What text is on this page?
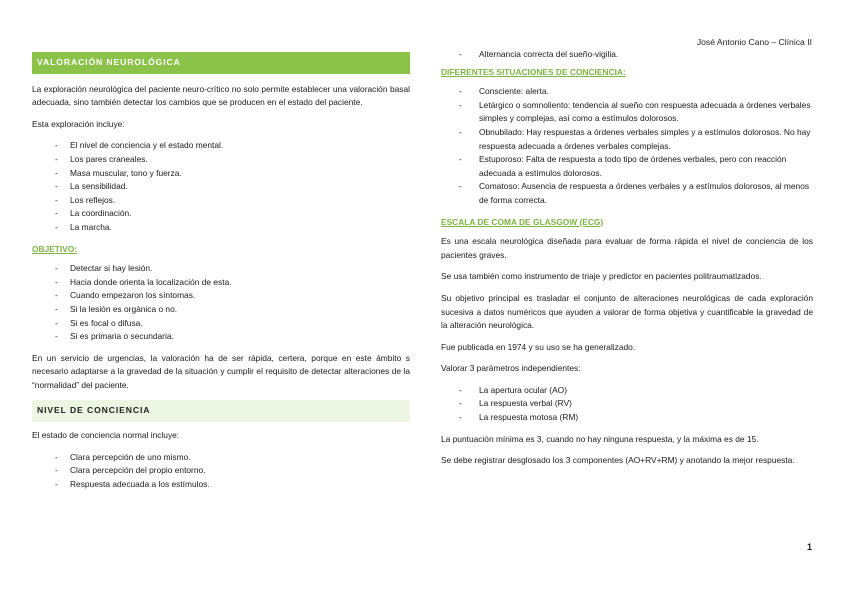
José Antonio Cano – Clínica II
VALORACIÓN NEUROLÓGICA

La exploración neurológica del paciente neuro-crítico no solo permite establecer una valoración basal adecuada, sino también detectar los cambios que se producen en el estado del paciente.

Esta exploración incluye:

- El nivel de conciencia y el estado mental.
- Los pares craneales.
- Masa muscular, tono y fuerza.
- La sensibilidad.
- Los reflejos.
- La coordinación.
- La marcha.
OBJETIVO:
- Detectar si hay lesión.
- Hacia donde orienta la localización de esta.
- Cuando empezaron los síntomas.
- Si la lesión es orgánica o no.
- Si es focal o difusa.
- Si es primaria o secundaria.

En un servicio de urgencias, la valoración ha de ser rápida, certera, porque en este ámbito s necesario adaptarse a la gravedad de la situación y cumplir el requisito de detectar alteraciones de la “normalidad” del paciente.

NIVEL DE CONCIENCIA

El estado de conciencia normal incluye:

- Clara percepción de uno mismo.
- Clara percepción del propio entorno.
- Respuesta adecuada a los estímulos.
- Alternancia correcta del sueño-vigilia.
DIFERENTES SITUACIONES DE CONCIENCIA:
- Consciente: alerta.
- Letárgico o somnoliento: tendencia al sueño con respuesta adecuada a órdenes verbales simples y complejas, así como a estímulos dolorosos.
- Obnubilado: Hay respuestas a órdenes verbales simples y a estímulos dolorosos. No hay respuesta adecuada a órdenes verbales complejas.
- Estuporoso: Falta de respuesta a todo tipo de órdenes verbales, pero con reacción adecuada a estímulos dolorosos.
- Comatoso: Ausencia de respuesta a órdenes verbales y a estímulos dolorosos, al menos de forma correcta.
ESCALA DE COMA DE GLASGOW (ECG)

Es una escala neurológica diseñada para evaluar de forma rápida el nivel de conciencia de los pacientes graves.

Se usa también como instrumento de triaje y predictor en pacientes politraumatizados.

Su objetivo principal es trasladar el conjunto de alteraciones neurológicas de cada exploración sucesiva a datos numéricos que ayuden a valorar de forma objetiva y cuantificable la gravedad de la alteración neurológica.

Fue publicada en 1974 y su uso se ha generalizado.

Valorar 3 parámetros independientes:

- La apertura ocular (AO)
- La respuesta verbal (RV)
- La respuesta motosa (RM)

La puntuación mínima es 3, cuando no hay ninguna respuesta, y la máxima es de 15.

Se debe registrar desglosado los 3 componentes (AO+RV+RM) y anotando la mejor respuesta.

1
